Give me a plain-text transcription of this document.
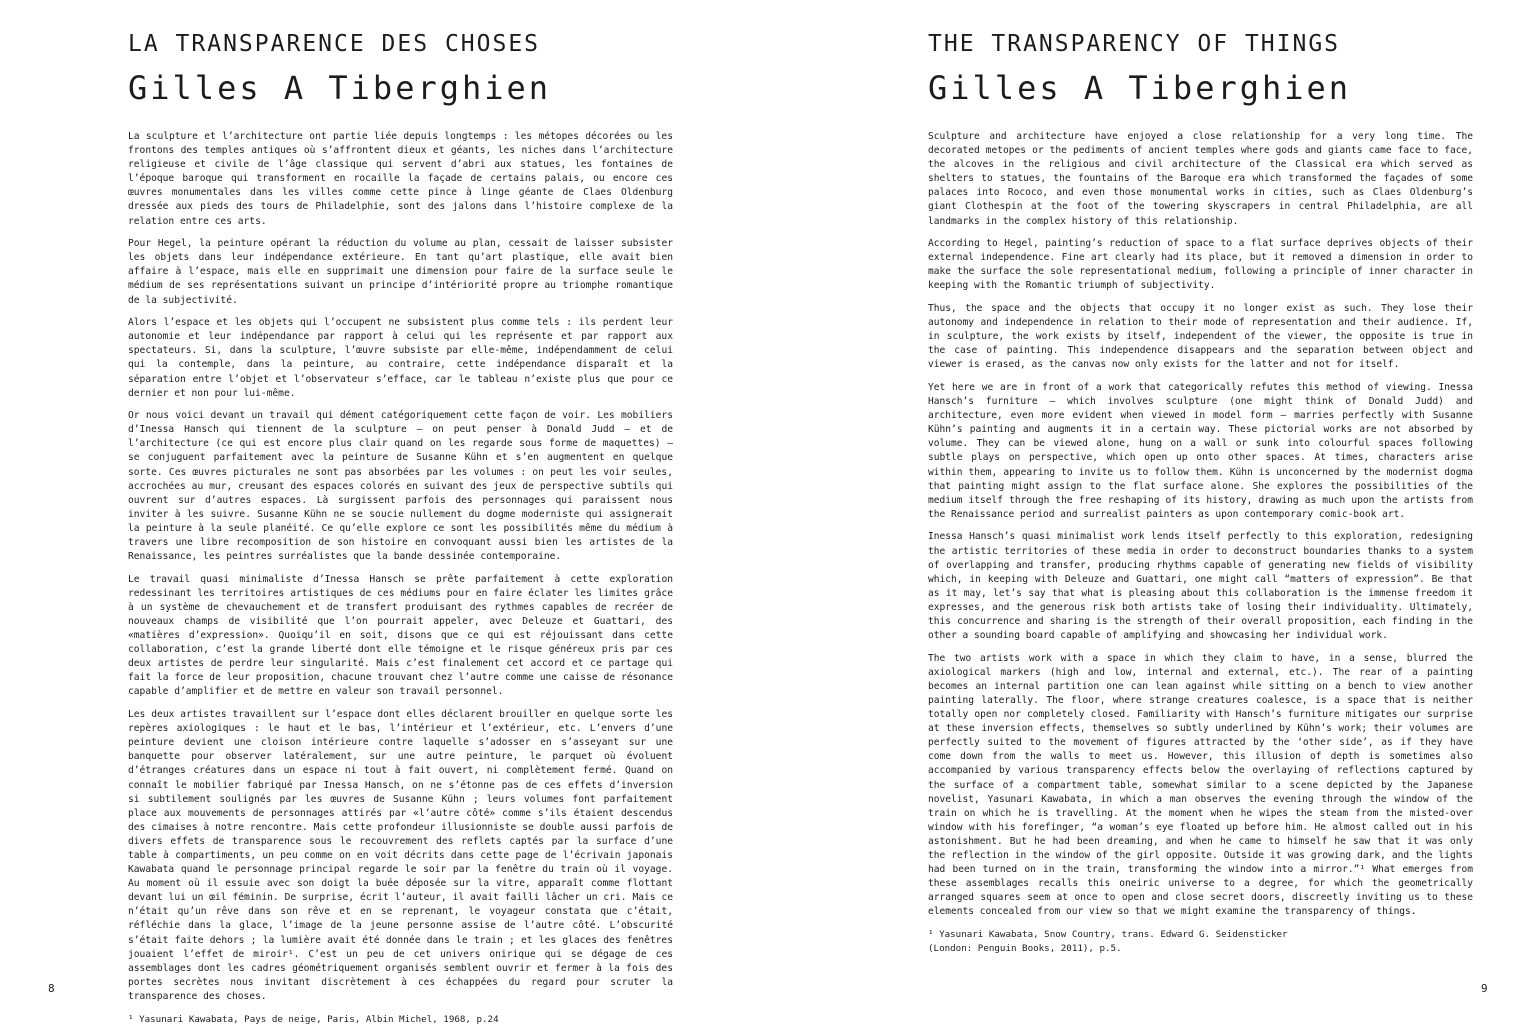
LA TRANSPARENCE DES CHOSES
Gilles A Tiberghien

La sculpture et l’architecture ont partie liée depuis longtemps : les métopes décorées ou les frontons des temples antiques où s’affrontent dieux et géants, les niches dans l’architecture religieuse et civile de l’âge classique qui servent d’abri aux statues, les fontaines de l’époque baroque qui transforment en rocaille la façade de certains palais, ou encore ces œuvres monumentales dans les villes comme cette pince à linge géante de Claes Oldenburg dressée aux pieds des tours de Philadelphie, sont des jalons dans l’histoire complexe de la relation entre ces arts.

Pour Hegel, la peinture opérant la réduction du volume au plan, cessait de laisser subsister les objets dans leur indépendance extérieure. En tant qu’art plastique, elle avait bien affaire à l’espace, mais elle en supprimait une dimension pour faire de la surface seule le médium de ses représentations suivant un principe d’intériorité propre au triomphe romantique de la subjectivité.

Alors l’espace et les objets qui l’occupent ne subsistent plus comme tels : ils perdent leur autonomie et leur indépendance par rapport à celui qui les représente et par rapport aux spectateurs. Si, dans la sculpture, l’œuvre subsiste par elle-même, indépendamment de celui qui la contemple, dans la peinture, au contraire, cette indépendance disparaît et la séparation entre l’objet et l’observateur s’efface, car le tableau n’existe plus que pour ce dernier et non pour lui-même.

Or nous voici devant un travail qui dément catégoriquement cette façon de voir. Les mobiliers d’Inessa Hansch qui tiennent de la sculpture – on peut penser à Donald Judd – et de l’architecture (ce qui est encore plus clair quand on les regarde sous forme de maquettes) – se conjuguent parfaitement avec la peinture de Susanne Kühn et s’en augmentent en quelque sorte. Ces œuvres picturales ne sont pas absorbées par les volumes : on peut les voir seules, accrochées au mur, creusant des espaces colorés en suivant des jeux de perspective subtils qui ouvrent sur d’autres espaces. Là surgissent parfois des personnages qui paraissent nous inviter à les suivre. Susanne Kühn ne se soucie nullement du dogme moderniste qui assignerait la peinture à la seule planéité. Ce qu’elle explore ce sont les possibilités même du médium à travers une libre recomposition de son histoire en convoquant aussi bien les artistes de la Renaissance, les peintres surréalistes que la bande dessinée contemporaine.

Le travail quasi minimaliste d’Inessa Hansch se prête parfaitement à cette exploration redessinant les territoires artistiques de ces médiums pour en faire éclater les limites grâce à un système de chevauchement et de transfert produisant des rythmes capables de recréer de nouveaux champs de visibilité que l’on pourrait appeler, avec Deleuze et Guattari, des «matières d’expression». Quoiqu’il en soit, disons que ce qui est réjouissant dans cette collaboration, c’est la grande liberté dont elle témoigne et le risque généreux pris par ces deux artistes de perdre leur singularité. Mais c’est finalement cet accord et ce partage qui fait la force de leur proposition, chacune trouvant chez l’autre comme une caisse de résonance capable d’amplifier et de mettre en valeur son travail personnel.

Les deux artistes travaillent sur l’espace dont elles déclarent brouiller en quelque sorte les repères axiologiques : le haut et le bas, l’intérieur et l’extérieur, etc. L’envers d’une peinture devient une cloison intérieure contre laquelle s’adosser en s’asseyant sur une banquette pour observer latéralement, sur une autre peinture, le parquet où évoluent d’étranges créatures dans un espace ni tout à fait ouvert, ni complètement fermé. Quand on connaît le mobilier fabriqué par Inessa Hansch, on ne s’étonne pas de ces effets d’inversion si subtilement soulignés par les œuvres de Susanne Kühn ; leurs volumes font parfaitement place aux mouvements de personnages attirés par «l’autre côté» comme s’ils étaient descendus des cimaises à notre rencontre. Mais cette profondeur illusionniste se double aussi parfois de divers effets de transparence sous le recouvrement des reflets captés par la surface d’une table à compartiments, un peu comme on en voit décrits dans cette page de l’écrivain japonais Kawabata quand le personnage principal regarde le soir par la fenêtre du train où il voyage. Au moment où il essuie avec son doigt la buée déposée sur la vitre, apparaît comme flottant devant lui un œil féminin. De surprise, écrit l’auteur, il avait failli lâcher un cri. Mais ce n’était qu’un rêve dans son rêve et en se reprenant, le voyageur constata que c’était, réfléchie dans la glace, l’image de la jeune personne assise de l’autre côté. L’obscurité s’était faite dehors ; la lumière avait été donnée dans le train ; et les glaces des fenêtres jouaient l’effet de miroir¹. C’est un peu de cet univers onirique qui se dégage de ces assemblages dont les cadres géométriquement organisés semblent ouvrir et fermer à la fois des portes secrètes nous invitant discrètement à ces échappées du regard pour scruter la transparence des choses.

¹ Yasunari Kawabata, Pays de neige, Paris, Albin Michel, 1968, p.24
8
THE TRANSPARENCY OF THINGS
Gilles A Tiberghien

Sculpture and architecture have enjoyed a close relationship for a very long time. The decorated metopes or the pediments of ancient temples where gods and giants came face to face, the alcoves in the religious and civil architecture of the Classical era which served as shelters to statues, the fountains of the Baroque era which transformed the façades of some palaces into Rococo, and even those monumental works in cities, such as Claes Oldenburg’s giant Clothespin at the foot of the towering skyscrapers in central Philadelphia, are all landmarks in the complex history of this relationship.

According to Hegel, painting’s reduction of space to a flat surface deprives objects of their external independence. Fine art clearly had its place, but it removed a dimension in order to make the surface the sole representational medium, following a principle of inner character in keeping with the Romantic triumph of subjectivity.

Thus, the space and the objects that occupy it no longer exist as such. They lose their autonomy and independence in relation to their mode of representation and their audience. If, in sculpture, the work exists by itself, independent of the viewer, the opposite is true in the case of painting. This independence disappears and the separation between object and viewer is erased, as the canvas now only exists for the latter and not for itself.

Yet here we are in front of a work that categorically refutes this method of viewing. Inessa Hansch’s furniture – which involves sculpture (one might think of Donald Judd) and architecture, even more evident when viewed in model form – marries perfectly with Susanne Kühn’s painting and augments it in a certain way. These pictorial works are not absorbed by volume. They can be viewed alone, hung on a wall or sunk into colourful spaces following subtle plays on perspective, which open up onto other spaces. At times, characters arise within them, appearing to invite us to follow them. Kühn is unconcerned by the modernist dogma that painting might assign to the flat surface alone. She explores the possibilities of the medium itself through the free reshaping of its history, drawing as much upon the artists from the Renaissance period and surrealist painters as upon contemporary comic-book art.

Inessa Hansch’s quasi minimalist work lends itself perfectly to this exploration, redesigning the artistic territories of these media in order to deconstruct boundaries thanks to a system of overlapping and transfer, producing rhythms capable of generating new fields of visibility which, in keeping with Deleuze and Guattari, one might call “matters of expression”. Be that as it may, let’s say that what is pleasing about this collaboration is the immense freedom it expresses, and the generous risk both artists take of losing their individuality. Ultimately, this concurrence and sharing is the strength of their overall proposition, each finding in the other a sounding board capable of amplifying and showcasing her individual work.

The two artists work with a space in which they claim to have, in a sense, blurred the axiological markers (high and low, internal and external, etc.). The rear of a painting becomes an internal partition one can lean against while sitting on a bench to view another painting laterally. The floor, where strange creatures coalesce, is a space that is neither totally open nor completely closed. Familiarity with Hansch’s furniture mitigates our surprise at these inversion effects, themselves so subtly underlined by Kühn’s work; their volumes are perfectly suited to the movement of figures attracted by the ‘other side’, as if they have come down from the walls to meet us. However, this illusion of depth is sometimes also accompanied by various transparency effects below the overlaying of reflections captured by the surface of a compartment table, somewhat similar to a scene depicted by the Japanese novelist, Yasunari Kawabata, in which a man observes the evening through the window of the train on which he is travelling. At the moment when he wipes the steam from the misted-over window with his forefinger, “a woman’s eye floated up before him. He almost called out in his astonishment. But he had been dreaming, and when he came to himself he saw that it was only the reflection in the window of the girl opposite. Outside it was growing dark, and the lights had been turned on in the train, transforming the window into a mirror.”¹ What emerges from these assemblages recalls this oneiric universe to a degree, for which the geometrically arranged squares seem at once to open and close secret doors, discreetly inviting us to these elements concealed from our view so that we might examine the transparency of things.

¹ Yasunari Kawabata, Snow Country, trans. Edward G. Seidensticker
(London: Penguin Books, 2011), p.5.
9
